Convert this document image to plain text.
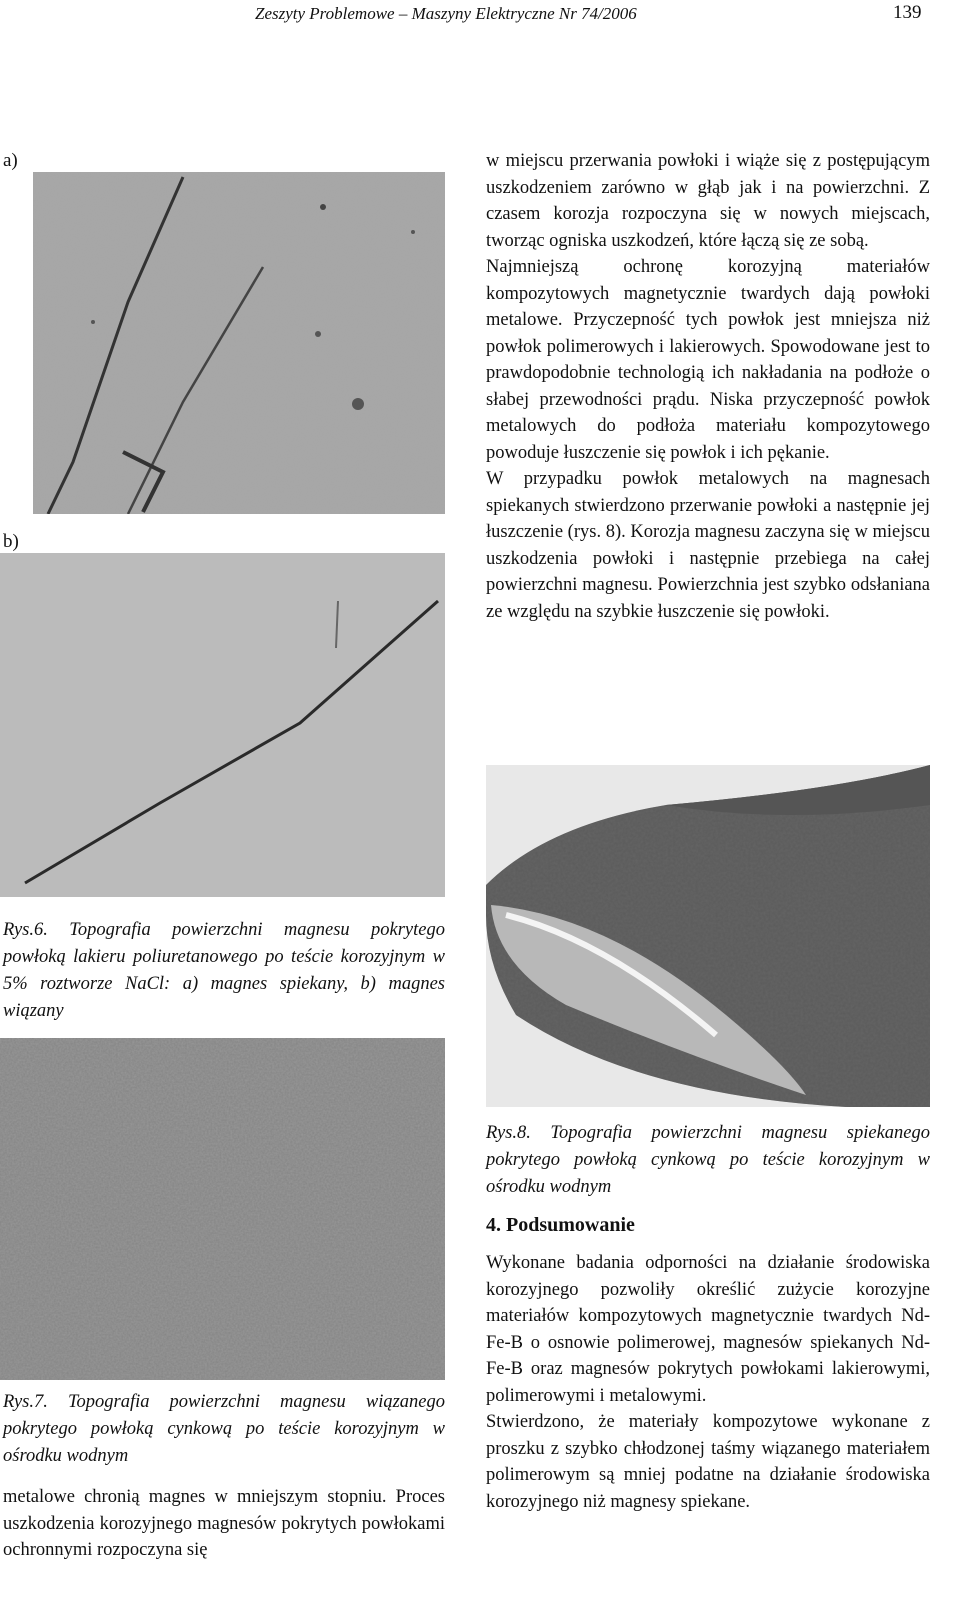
Zeszyty Problemowe – Maszyny Elektryczne Nr 74/2006	139
a)
b)
Rys.6. Topografia powierzchni magnesu pokrytego powłoką lakieru poliuretanowego po teście korozyjnym w 5% roztworze NaCl: a) magnes spiekany, b) magnes wiązany
Rys.7. Topografia powierzchni magnesu wiązanego pokrytego powłoką cynkową po teście korozyjnym w ośrodku wodnym

metalowe chronią magnes w mniejszym stopniu. Proces uszkodzenia korozyjnego magnesów pokrytych powłokami ochronnymi rozpoczyna się

w miejscu przerwania powłoki i wiąże się z postępującym uszkodzeniem zarówno w głąb jak i na powierzchni. Z czasem korozja rozpoczyna się w nowych miejscach, tworząc ogniska uszkodzeń, które łączą się ze sobą.

Najmniejszą ochronę korozyjną materiałów kompozytowych magnetycznie twardych dają powłoki metalowe. Przyczepność tych powłok jest mniejsza niż powłok polimerowych i lakierowych. Spowodowane jest to prawdopodobnie technologią ich nakładania na podłoże o słabej przewodności prądu. Niska przyczepność powłok metalowych do podłoża materiału kompozytowego powoduje łuszczenie się powłok i ich pękanie.

W przypadku powłok metalowych na magnesach spiekanych stwierdzono przerwanie powłoki a następnie jej łuszczenie (rys. 8). Korozja magnesu zaczyna się w miejscu uszkodzenia powłoki i następnie przebiega na całej powierzchni magnesu. Powierzchnia jest szybko odsłaniana ze względu na szybkie łuszczenie się powłoki.

Rys.8. Topografia powierzchni magnesu spiekanego pokrytego powłoką cynkową po teście korozyjnym w ośrodku wodnym
4. Podsumowanie

Wykonane badania odporności na działanie środowiska korozyjnego pozwoliły określić zużycie korozyjne materiałów kompozytowych magnetycznie twardych Nd-Fe-B o osnowie polimerowej, magnesów spiekanych Nd-Fe-B oraz magnesów pokrytych powłokami lakierowymi, polimerowymi i metalowymi.

Stwierdzono, że materiały kompozytowe wykonane z proszku z szybko chłodzonej taśmy wiązanego materiałem polimerowym są mniej podatne na działanie środowiska korozyjnego niż magnesy spiekane.
